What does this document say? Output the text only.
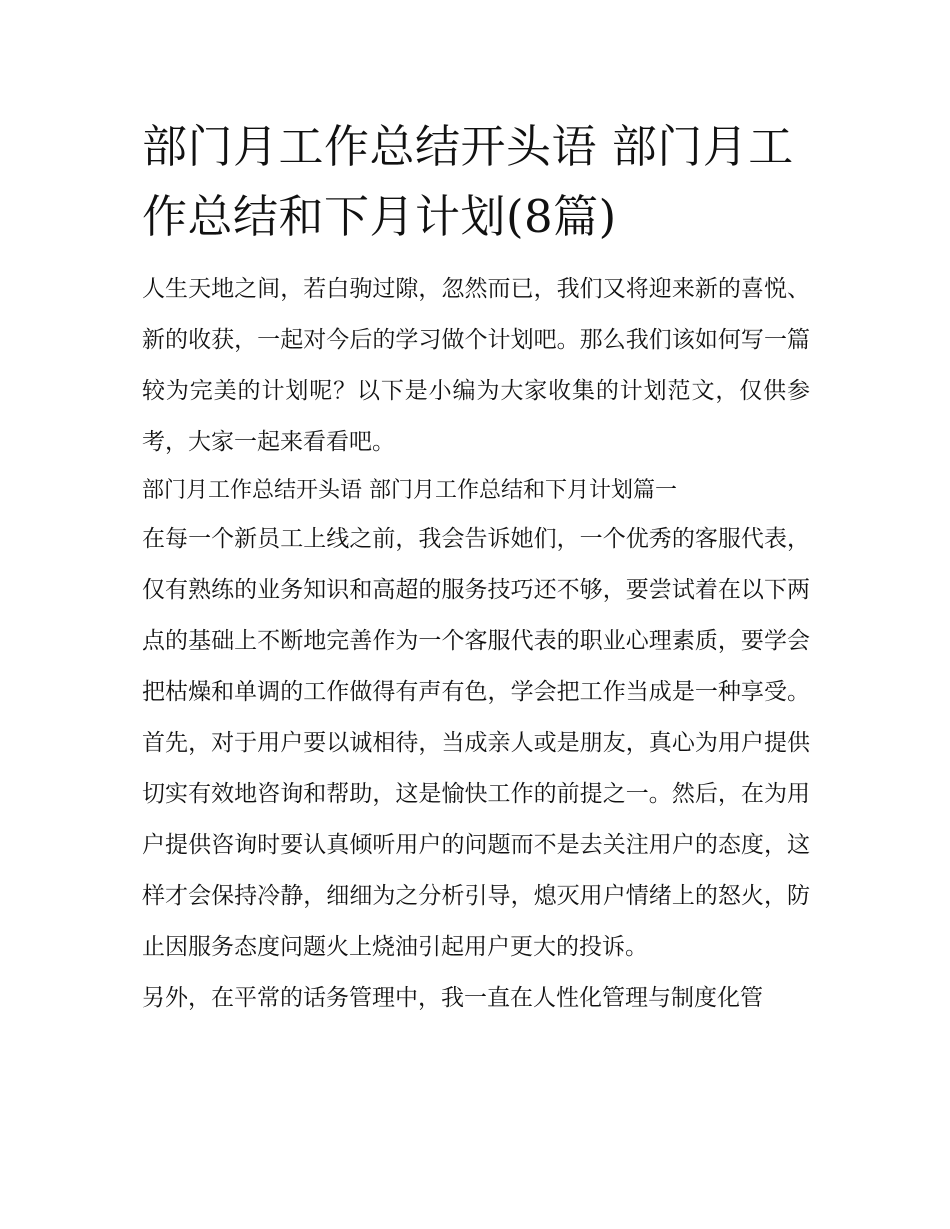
部门月工作总结开头语 部门月工作总结和下月计划(8篇)

人生天地之间，若白驹过隙，忽然而已，我们又将迎来新的喜悦、新的收获，一起对今后的学习做个计划吧。那么我们该如何写一篇较为完美的计划呢？以下是小编为大家收集的计划范文，仅供参考，大家一起来看看吧。

部门月工作总结开头语 部门月工作总结和下月计划篇一

在每一个新员工上线之前，我会告诉她们，一个优秀的客服代表，仅有熟练的业务知识和高超的服务技巧还不够，要尝试着在以下两点的基础上不断地完善作为一个客服代表的职业心理素质，要学会把枯燥和单调的工作做得有声有色，学会把工作当成是一种享受。首先，对于用户要以诚相待，当成亲人或是朋友，真心为用户提供切实有效地咨询和帮助，这是愉快工作的前提之一。然后，在为用户提供咨询时要认真倾听用户的问题而不是去关注用户的态度，这样才会保持冷静，细细为之分析引导，熄灭用户情绪上的怒火，防止因服务态度问题火上烧油引起用户更大的投诉。

另外，在平常的话务管理中，我一直在人性化管理与制度化管
